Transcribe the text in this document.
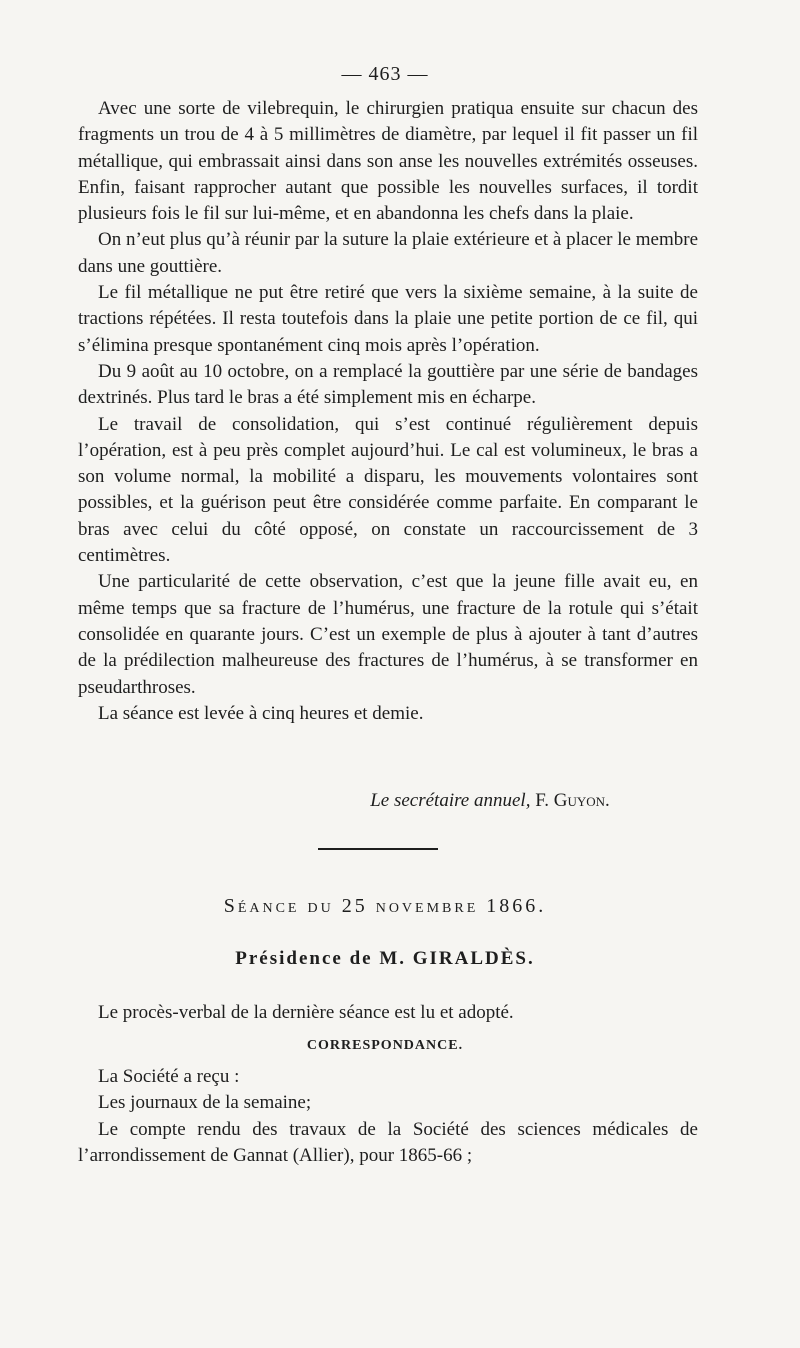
— 463 —

Avec une sorte de vilebrequin, le chirurgien pratiqua ensuite sur chacun des fragments un trou de 4 à 5 millimètres de diamètre, par lequel il fit passer un fil métallique, qui embrassait ainsi dans son anse les nouvelles extrémités osseuses. Enfin, faisant rapprocher autant que possible les nouvelles surfaces, il tordit plusieurs fois le fil sur lui-même, et en abandonna les chefs dans la plaie.

On n’eut plus qu’à réunir par la suture la plaie extérieure et à placer le membre dans une gouttière.

Le fil métallique ne put être retiré que vers la sixième semaine, à la suite de tractions répétées. Il resta toutefois dans la plaie une petite portion de ce fil, qui s’élimina presque spontanément cinq mois après l’opération.

Du 9 août au 10 octobre, on a remplacé la gouttière par une série de bandages dextrinés. Plus tard le bras a été simplement mis en écharpe.

Le travail de consolidation, qui s’est continué régulièrement depuis l’opération, est à peu près complet aujourd’hui. Le cal est volumineux, le bras a son volume normal, la mobilité a disparu, les mouvements volontaires sont possibles, et la guérison peut être considérée comme parfaite. En comparant le bras avec celui du côté opposé, on constate un raccourcissement de 3 centimètres.

Une particularité de cette observation, c’est que la jeune fille avait eu, en même temps que sa fracture de l’humérus, une fracture de la rotule qui s’était consolidée en quarante jours. C’est un exemple de plus à ajouter à tant d’autres de la prédilection malheureuse des fractures de l’humérus, à se transformer en pseudarthroses.

La séance est levée à cinq heures et demie.

Le secrétaire annuel, F. Guyon.
Séance du 25 novembre 1866.
Présidence de M. GIRALDÈS.

Le procès-verbal de la dernière séance est lu et adopté.

CORRESPONDANCE.

La Société a reçu :

Les journaux de la semaine;

Le compte rendu des travaux de la Société des sciences médicales de l’arrondissement de Gannat (Allier), pour 1865-66 ;
